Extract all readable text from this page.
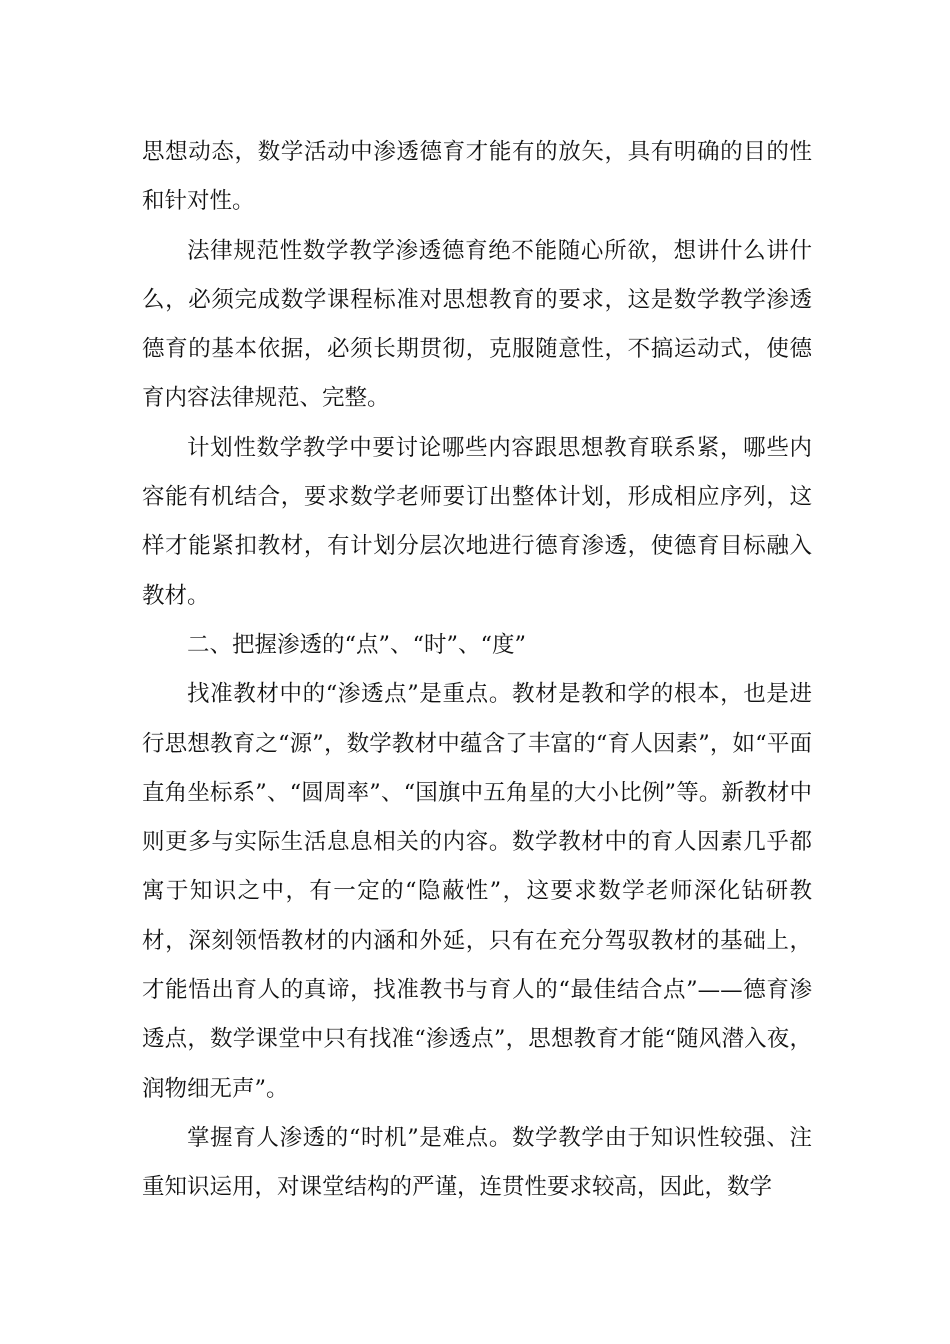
思想动态，数学活动中渗透德育才能有的放矢，具有明确的目的性和针对性。

法律规范性数学教学渗透德育绝不能随心所欲，想讲什么讲什么，必须完成数学课程标准对思想教育的要求，这是数学教学渗透德育的基本依据，必须长期贯彻，克服随意性，不搞运动式，使德育内容法律规范、完整。

计划性数学教学中要讨论哪些内容跟思想教育联系紧，哪些内容能有机结合，要求数学老师要订出整体计划，形成相应序列，这样才能紧扣教材，有计划分层次地进行德育渗透，使德育目标融入教材。

二、把握渗透的“点”、“时”、“度”

找准教材中的“渗透点”是重点。教材是教和学的根本，也是进行思想教育之“源”，数学教材中蕴含了丰富的“育人因素”，如“平面直角坐标系”、“圆周率”、“国旗中五角星的大小比例”等。新教材中则更多与实际生活息息相关的内容。数学教材中的育人因素几乎都寓于知识之中，有一定的“隐蔽性”，这要求数学老师深化钻研教材，深刻领悟教材的内涵和外延，只有在充分驾驭教材的基础上，才能悟出育人的真谛，找准教书与育人的“最佳结合点”——德育渗透点，数学课堂中只有找准“渗透点”，思想教育才能“随风潜入夜，润物细无声”。

掌握育人渗透的“时机”是难点。数学教学由于知识性较强、注重知识运用，对课堂结构的严谨，连贯性要求较高，因此，数学
